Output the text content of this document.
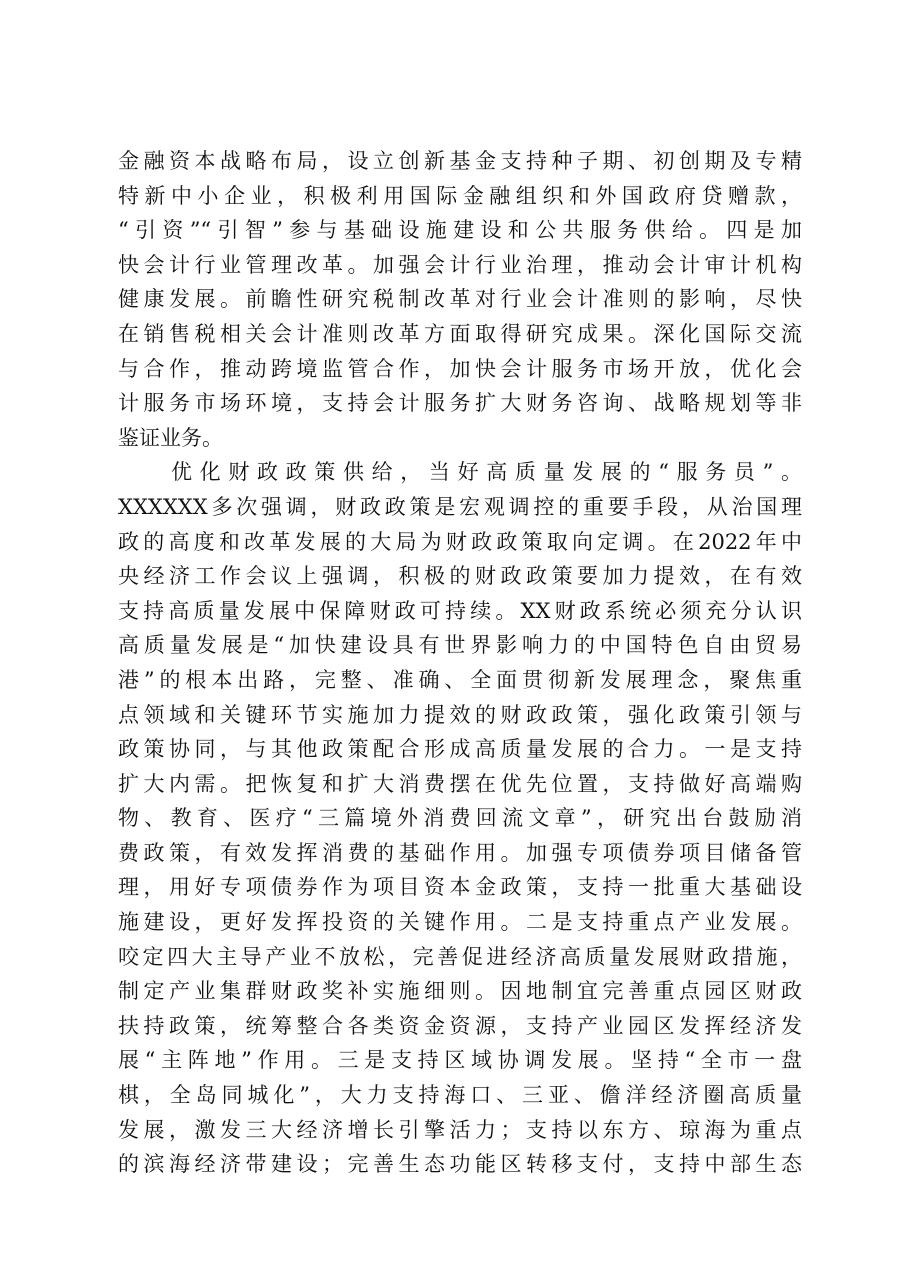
金融资本战略布局，设立创新基金支持种子期、初创期及专精
特新中小企业，积极利用国际金融组织和外国政府贷赠款，
“引资”“引智”参与基础设施建设和公共服务供给。四是加
快会计行业管理改革。加强会计行业治理，推动会计审计机构
健康发展。前瞻性研究税制改革对行业会计准则的影响，尽快
在销售税相关会计准则改革方面取得研究成果。深化国际交流
与合作，推动跨境监管合作，加快会计服务市场开放，优化会
计服务市场环境，支持会计服务扩大财务咨询、战略规划等非
鉴证业务。
优化财政政策供给，当好高质量发展的“服务员”。
XXXXXX多次强调，财政政策是宏观调控的重要手段，从治国理
政的高度和改革发展的大局为财政政策取向定调。在2022年中
央经济工作会议上强调，积极的财政政策要加力提效，在有效
支持高质量发展中保障财政可持续。XX财政系统必须充分认识
高质量发展是“加快建设具有世界影响力的中国特色自由贸易
港”的根本出路，完整、准确、全面贯彻新发展理念，聚焦重
点领域和关键环节实施加力提效的财政政策，强化政策引领与
政策协同，与其他政策配合形成高质量发展的合力。一是支持
扩大内需。把恢复和扩大消费摆在优先位置，支持做好高端购
物、教育、医疗“三篇境外消费回流文章”，研究出台鼓励消
费政策，有效发挥消费的基础作用。加强专项债券项目储备管
理，用好专项债券作为项目资本金政策，支持一批重大基础设
施建设，更好发挥投资的关键作用。二是支持重点产业发展。
咬定四大主导产业不放松，完善促进经济高质量发展财政措施，
制定产业集群财政奖补实施细则。因地制宜完善重点园区财政
扶持政策，统筹整合各类资金资源，支持产业园区发挥经济发
展“主阵地”作用。三是支持区域协调发展。坚持“全市一盘
棋，全岛同城化”，大力支持海口、三亚、儋洋经济圈高质量
发展，激发三大经济增长引擎活力；支持以东方、琼海为重点
的滨海经济带建设；完善生态功能区转移支付，支持中部生态
